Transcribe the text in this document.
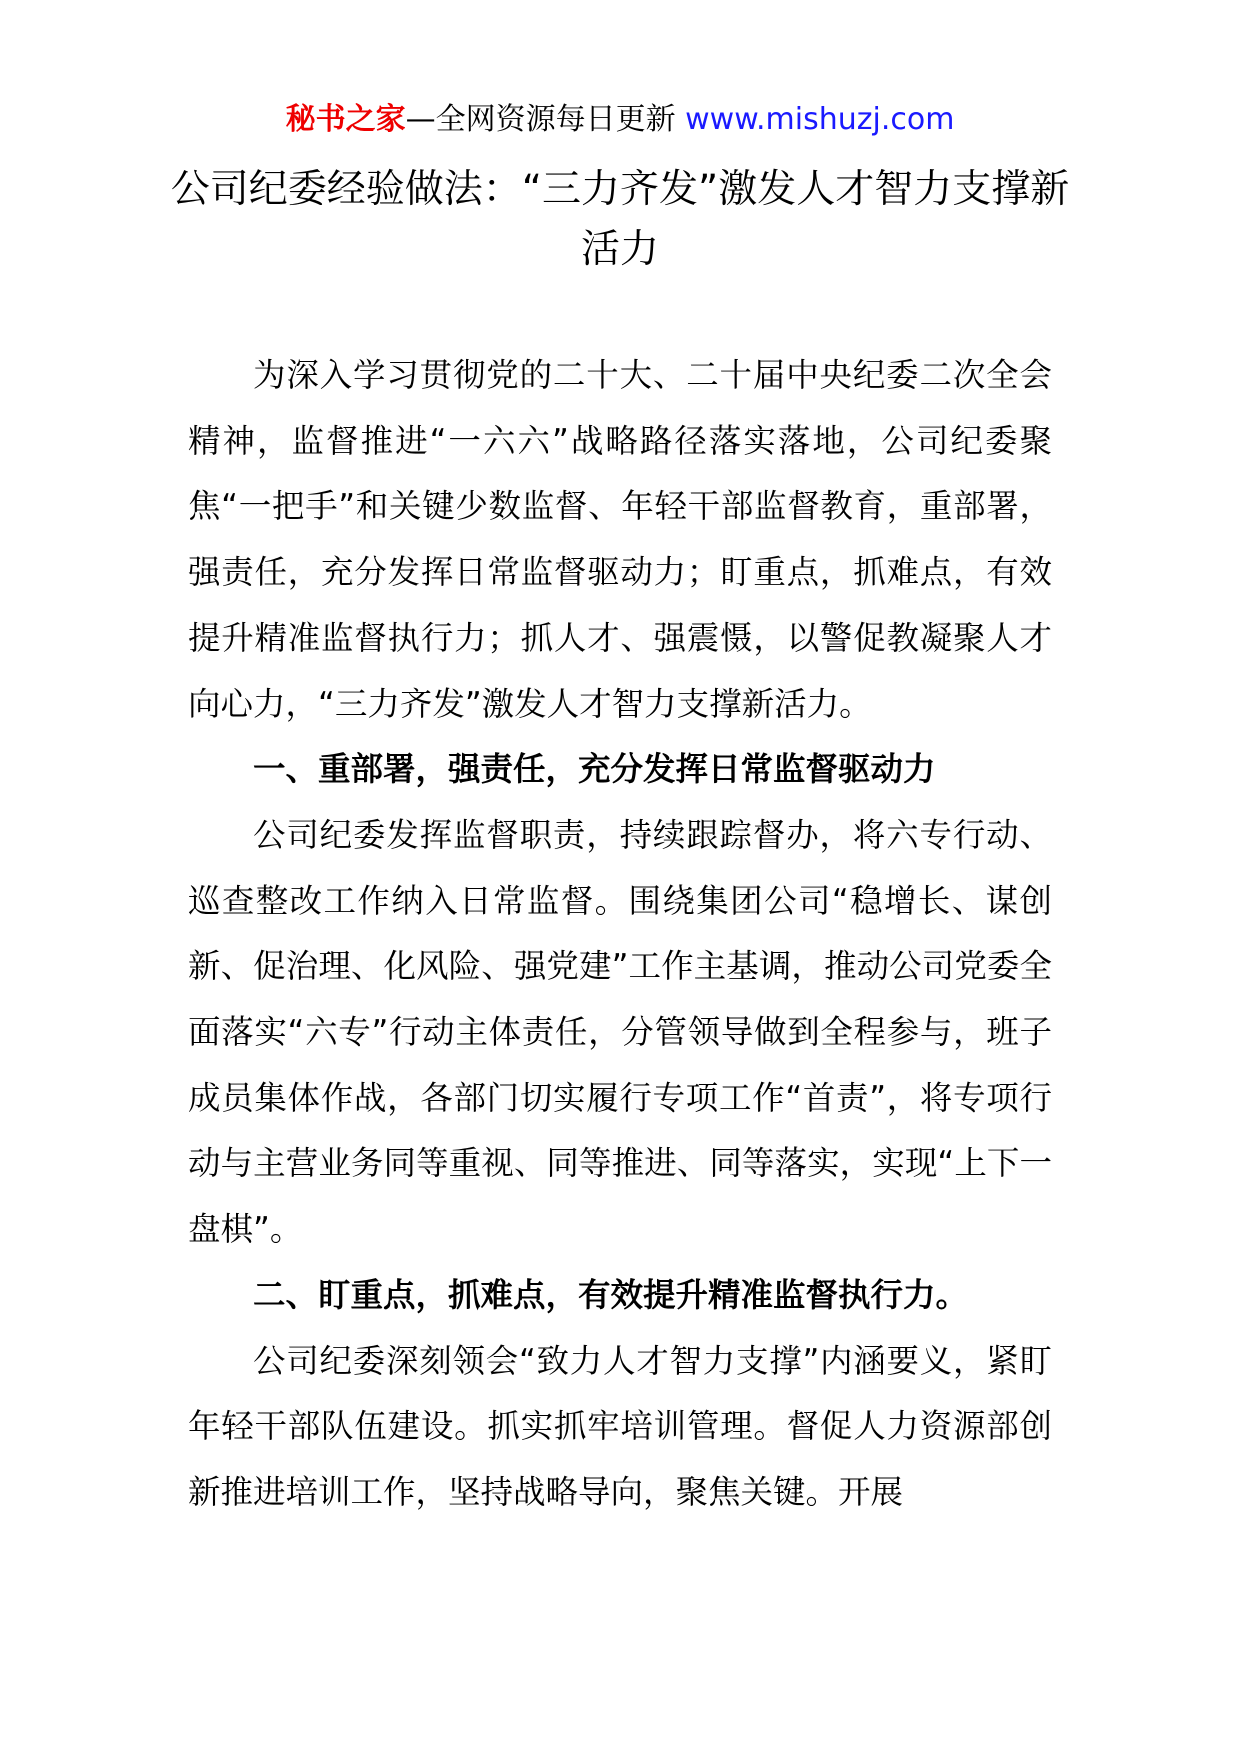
秘书之家—全网资源每日更新 www.mishuzj.com
公司纪委经验做法：“三力齐发”激发人才智力支撑新活力

为深入学习贯彻党的二十大、二十届中央纪委二次全会精神，监督推进“一六六”战略路径落实落地，公司纪委聚焦“一把手”和关键少数监督、年轻干部监督教育，重部署，强责任，充分发挥日常监督驱动力；盯重点，抓难点，有效提升精准监督执行力；抓人才、强震慑，以警促教凝聚人才向心力，“三力齐发”激发人才智力支撑新活力。

一、重部署，强责任，充分发挥日常监督驱动力

公司纪委发挥监督职责，持续跟踪督办，将六专行动、巡查整改工作纳入日常监督。围绕集团公司“稳增长、谋创新、促治理、化风险、强党建”工作主基调，推动公司党委全面落实“六专”行动主体责任，分管领导做到全程参与，班子成员集体作战，各部门切实履行专项工作“首责”，将专项行动与主营业务同等重视、同等推进、同等落实，实现“上下一盘棋”。

二、盯重点，抓难点，有效提升精准监督执行力。

公司纪委深刻领会“致力人才智力支撑”内涵要义，紧盯年轻干部队伍建设。抓实抓牢培训管理。督促人力资源部创新推进培训工作，坚持战略导向，聚焦关键。开展
